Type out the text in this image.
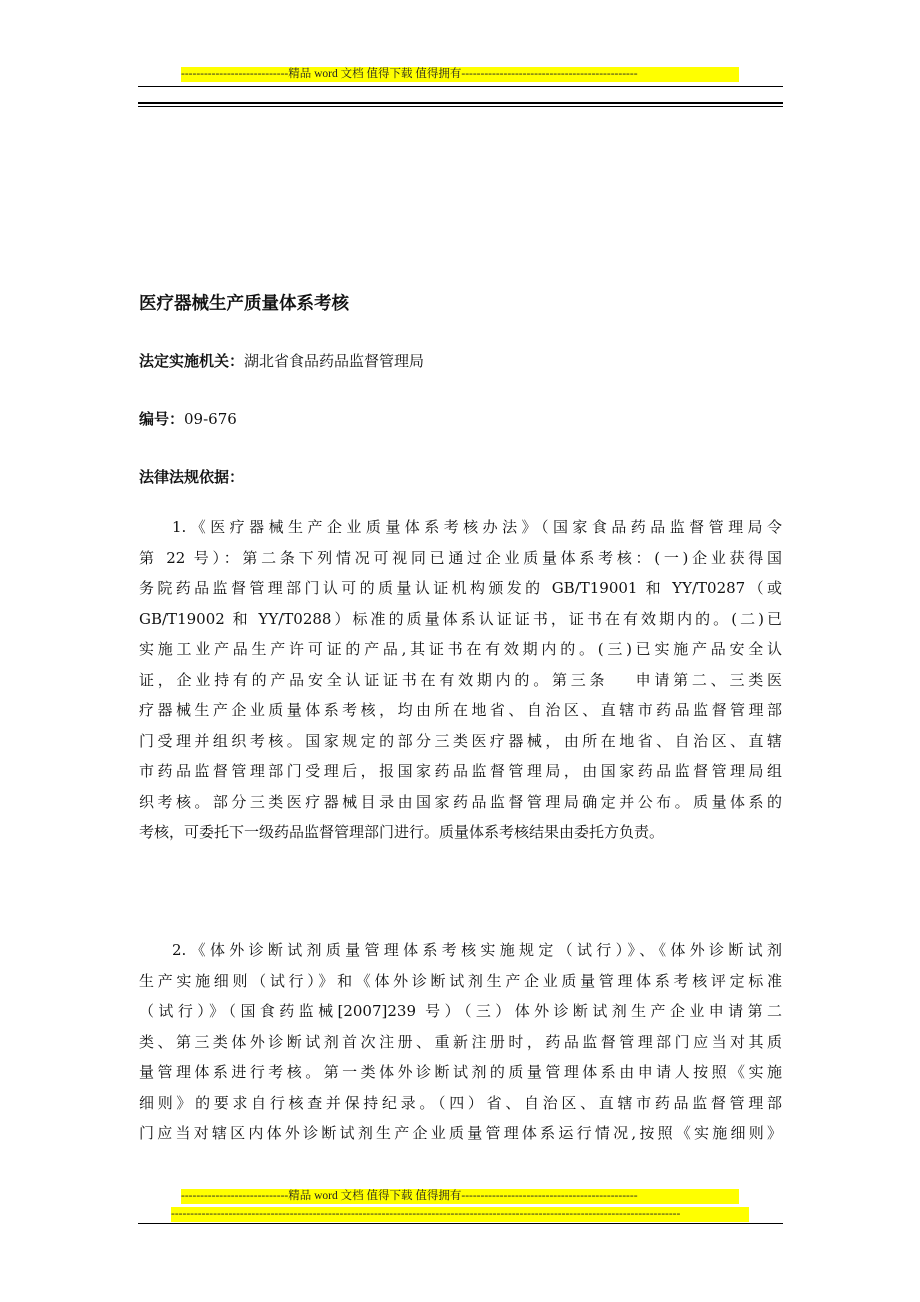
----------------------------精品 word 文档 值得下载 值得拥有----------------------------------------------
医疗器械生产质量体系考核
法定实施机关：湖北省食品药品监督管理局
编号：09-676
法律法规依据：
1.《医疗器械生产企业质量体系考核办法》（国家食品药品监督管理局令
第 22 号）：第二条下列情况可视同已通过企业质量体系考核：(一)企业获得国
务院药品监督管理部门认可的质量认证机构颁发的 GB/T19001 和 YY/T0287（或
GB/T19002 和 YY/T0288）标准的质量体系认证证书，证书在有效期内的。(二)已
实施工业产品生产许可证的产品,其证书在有效期内的。(三)已实施产品安全认
证，企业持有的产品安全认证证书在有效期内的。第三条　 申请第二、三类医
疗器械生产企业质量体系考核，均由所在地省、自治区、直辖市药品监督管理部
门受理并组织考核。国家规定的部分三类医疗器械，由所在地省、自治区、直辖
市药品监督管理部门受理后，报国家药品监督管理局，由国家药品监督管理局组
织考核。部分三类医疗器械目录由国家药品监督管理局确定并公布。质量体系的
考核，可委托下一级药品监督管理部门进行。质量体系考核结果由委托方负责。
2.《体外诊断试剂质量管理体系考核实施规定（试行）》、《体外诊断试剂
生产实施细则（试行）》和《体外诊断试剂生产企业质量管理体系考核评定标准
（试行）》（国食药监械[2007]239 号）（三）体外诊断试剂生产企业申请第二
类、第三类体外诊断试剂首次注册、重新注册时，药品监督管理部门应当对其质
量管理体系进行考核。第一类体外诊断试剂的质量管理体系由申请人按照《实施
细则》的要求自行核查并保持纪录。（四）省、自治区、直辖市药品监督管理部
门应当对辖区内体外诊断试剂生产企业质量管理体系运行情况,按照《实施细则》
----------------------------精品 word 文档 值得下载 值得拥有----------------------------------------------
-------------------------------------------------------------------------------------------------------------------------------------
